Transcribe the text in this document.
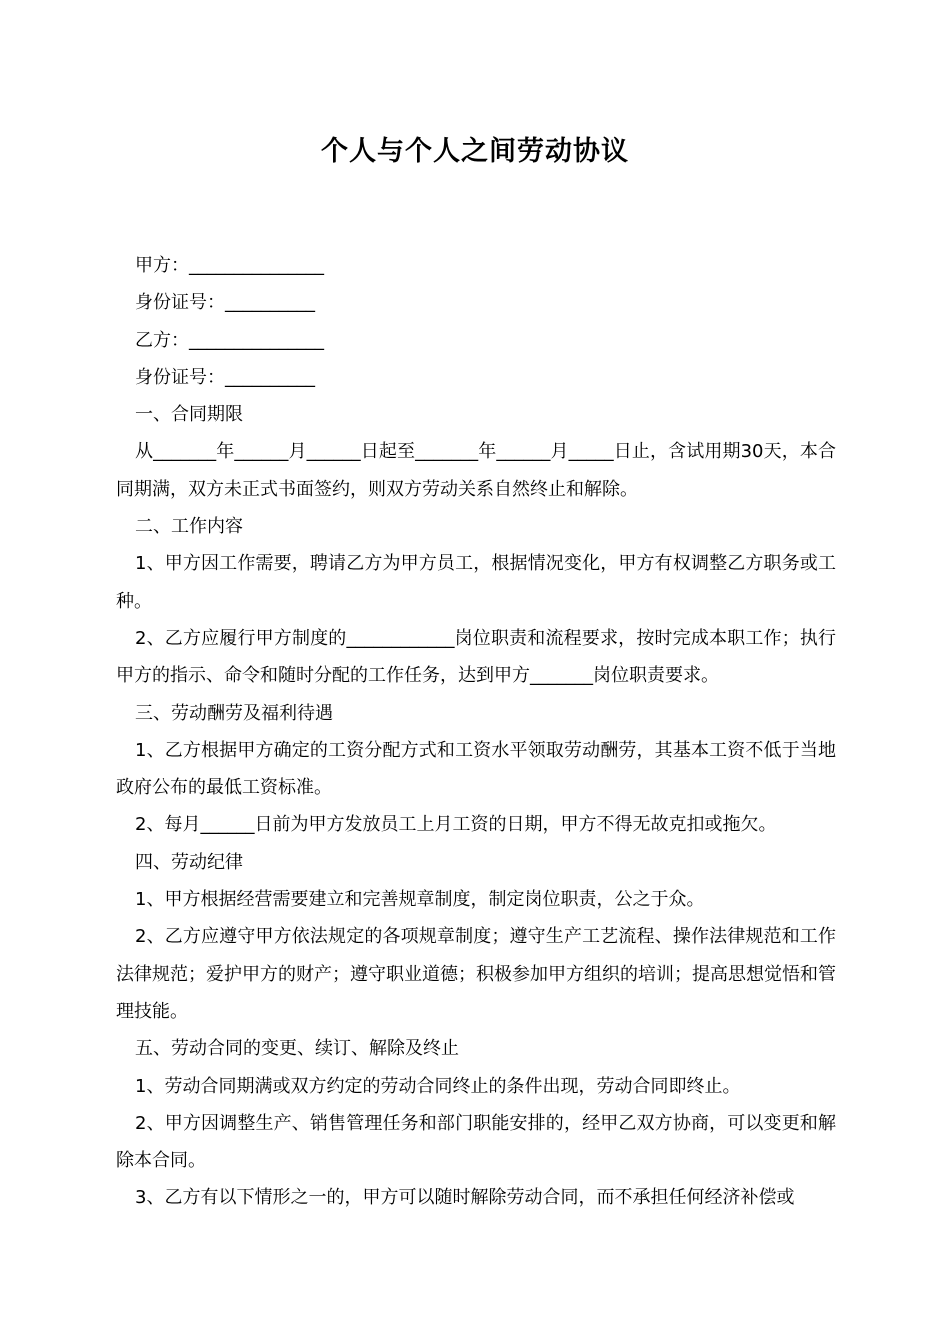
个人与个人之间劳动协议

甲方：_______________

身份证号：__________

乙方：_______________

身份证号：__________

一、合同期限

从_______年______月______日起至_______年______月_____日止，含试用期30天，本合同期满，双方未正式书面签约，则双方劳动关系自然终止和解除。

二、工作内容

1、甲方因工作需要，聘请乙方为甲方员工，根据情况变化，甲方有权调整乙方职务或工种。

2、乙方应履行甲方制度的____________岗位职责和流程要求，按时完成本职工作；执行甲方的指示、命令和随时分配的工作任务，达到甲方_______岗位职责要求。

三、劳动酬劳及福利待遇

1、乙方根据甲方确定的工资分配方式和工资水平领取劳动酬劳，其基本工资不低于当地政府公布的最低工资标准。

2、每月______日前为甲方发放员工上月工资的日期，甲方不得无故克扣或拖欠。

四、劳动纪律

1、甲方根据经营需要建立和完善规章制度，制定岗位职责，公之于众。

2、乙方应遵守甲方依法规定的各项规章制度；遵守生产工艺流程、操作法律规范和工作法律规范；爱护甲方的财产；遵守职业道德；积极参加甲方组织的培训；提高思想觉悟和管理技能。

五、劳动合同的变更、续订、解除及终止

1、劳动合同期满或双方约定的劳动合同终止的条件出现，劳动合同即终止。

2、甲方因调整生产、销售管理任务和部门职能安排的，经甲乙双方协商，可以变更和解除本合同。

3、乙方有以下情形之一的，甲方可以随时解除劳动合同，而不承担任何经济补偿或
